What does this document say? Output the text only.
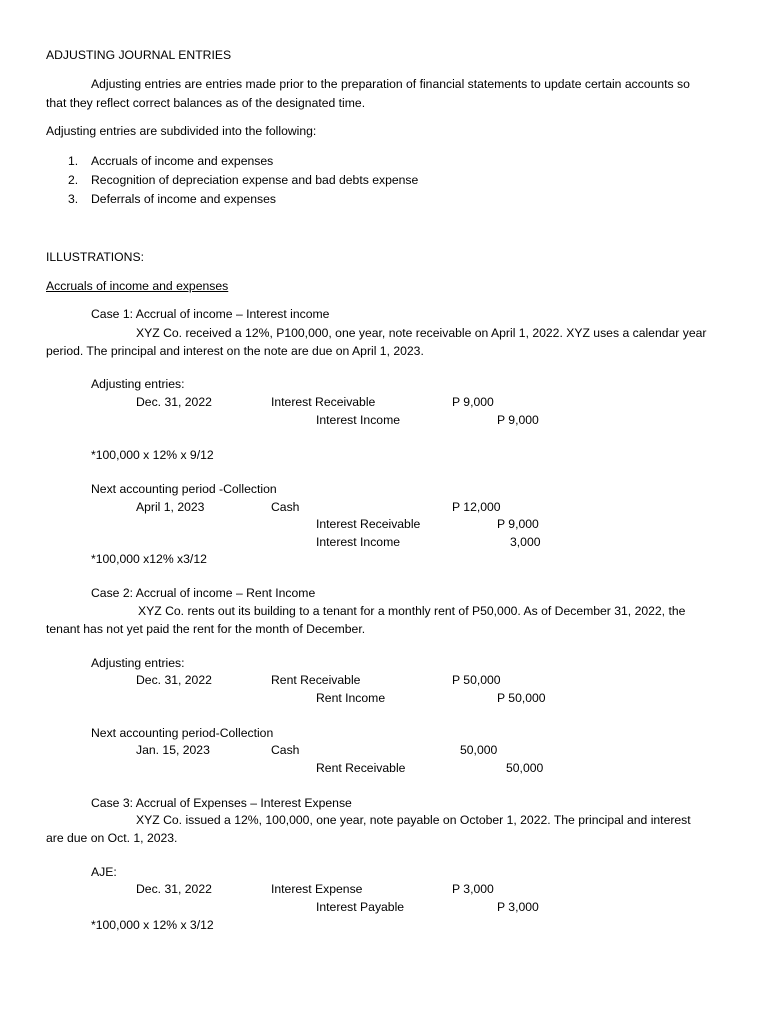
ADJUSTING JOURNAL ENTRIES
Adjusting entries are entries made prior to the preparation of financial statements to update certain accounts so
that they reflect correct balances as of the designated time.
Adjusting entries are subdivided into the following:
1. Accruals of income and expenses
2. Recognition of depreciation expense and bad debts expense
3. Deferrals of income and expenses
ILLUSTRATIONS:
Accruals of income and expenses
Case 1: Accrual of income – Interest income
XYZ Co. received a 12%, P100,000, one year, note receivable on April 1, 2022. XYZ uses a calendar year
period. The principal and interest on the note are due on April 1, 2023.
Adjusting entries:
Dec. 31, 2022	Interest Receivable	P 9,000
Interest Income	P 9,000
*100,000 x 12% x 9/12
Next accounting period -Collection
April 1, 2023	Cash	P 12,000
Interest Receivable	P 9,000
Interest Income	3,000
*100,000 x12% x3/12
Case 2: Accrual of income – Rent Income
XYZ Co. rents out its building to a tenant for a monthly rent of P50,000. As of December 31, 2022, the
tenant has not yet paid the rent for the month of December.
Adjusting entries:
Dec. 31, 2022	Rent Receivable	P 50,000
Rent Income	P 50,000
Next accounting period-Collection
Jan. 15, 2023	Cash	50,000
Rent Receivable	50,000
Case 3: Accrual of Expenses – Interest Expense
XYZ Co. issued a 12%, 100,000, one year, note payable on October 1, 2022. The principal and interest
are due on Oct. 1, 2023.
AJE:
Dec. 31, 2022	Interest Expense	P 3,000
Interest Payable	P 3,000
*100,000 x 12% x 3/12
